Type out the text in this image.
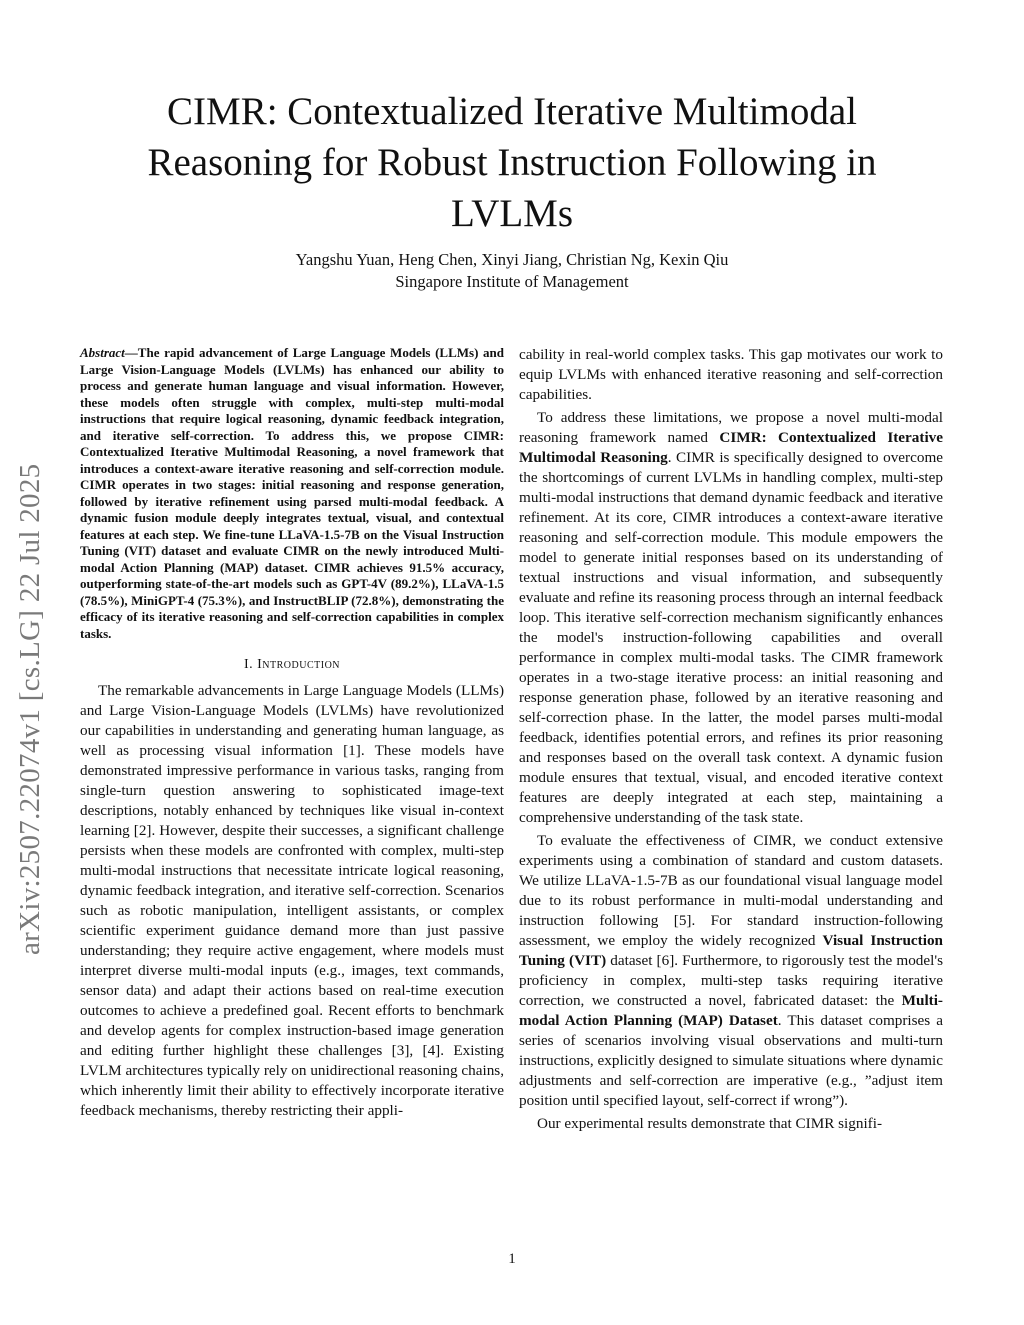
arXiv:2507.22074v1 [cs.LG] 22 Jul 2025
CIMR: Contextualized Iterative Multimodal
Reasoning for Robust Instruction Following in
LVLMs
Yangshu Yuan, Heng Chen, Xinyi Jiang, Christian Ng, Kexin Qiu
Singapore Institute of Management

Abstract—The rapid advancement of Large Language Models (LLMs) and Large Vision-Language Models (LVLMs) has enhanced our ability to process and generate human language and visual information. However, these models often struggle with complex, multi-step multi-modal instructions that require logical reasoning, dynamic feedback integration, and iterative self-correction. To address this, we propose CIMR: Contextualized Iterative Multimodal Reasoning, a novel framework that introduces a context-aware iterative reasoning and self-correction module. CIMR operates in two stages: initial reasoning and response generation, followed by iterative refinement using parsed multi-modal feedback. A dynamic fusion module deeply integrates textual, visual, and contextual features at each step. We fine-tune LLaVA-1.5-7B on the Visual Instruction Tuning (VIT) dataset and evaluate CIMR on the newly introduced Multi-modal Action Planning (MAP) dataset. CIMR achieves 91.5% accuracy, outperforming state-of-the-art models such as GPT-4V (89.2%), LLaVA-1.5 (78.5%), MiniGPT-4 (75.3%), and InstructBLIP (72.8%), demonstrating the efficacy of its iterative reasoning and self-correction capabilities in complex tasks.

I. Introduction

The remarkable advancements in Large Language Models (LLMs) and Large Vision-Language Models (LVLMs) have revolutionized our capabilities in understanding and generating human language, as well as processing visual information [1]. These models have demonstrated impressive performance in various tasks, ranging from single-turn question answering to sophisticated image-text descriptions, notably enhanced by techniques like visual in-context learning [2]. However, despite their successes, a significant challenge persists when these models are confronted with complex, multi-step multi-modal instructions that necessitate intricate logical reasoning, dynamic feedback integration, and iterative self-correction. Scenarios such as robotic manipulation, intelligent assistants, or complex scientific experiment guidance demand more than just passive understanding; they require active engagement, where models must interpret diverse multi-modal inputs (e.g., images, text commands, sensor data) and adapt their actions based on real-time execution outcomes to achieve a predefined goal. Recent efforts to benchmark and develop agents for complex instruction-based image generation and editing further highlight these challenges [3], [4]. Existing LVLM architectures typically rely on unidirectional reasoning chains, which inherently limit their ability to effectively incorporate iterative feedback mechanisms, thereby restricting their appli-

cability in real-world complex tasks. This gap motivates our work to equip LVLMs with enhanced iterative reasoning and self-correction capabilities.

To address these limitations, we propose a novel multi-modal reasoning framework named CIMR: Contextualized Iterative Multimodal Reasoning. CIMR is specifically designed to overcome the shortcomings of current LVLMs in handling complex, multi-step multi-modal instructions that demand dynamic feedback and iterative refinement. At its core, CIMR introduces a context-aware iterative reasoning and self-correction module. This module empowers the model to generate initial responses based on its understanding of textual instructions and visual information, and subsequently evaluate and refine its reasoning process through an internal feedback loop. This iterative self-correction mechanism significantly enhances the model's instruction-following capabilities and overall performance in complex multi-modal tasks. The CIMR framework operates in a two-stage iterative process: an initial reasoning and response generation phase, followed by an iterative reasoning and self-correction phase. In the latter, the model parses multi-modal feedback, identifies potential errors, and refines its prior reasoning and responses based on the overall task context. A dynamic fusion module ensures that textual, visual, and encoded iterative context features are deeply integrated at each step, maintaining a comprehensive understanding of the task state.

To evaluate the effectiveness of CIMR, we conduct extensive experiments using a combination of standard and custom datasets. We utilize LLaVA-1.5-7B as our foundational visual language model due to its robust performance in multi-modal understanding and instruction following [5]. For standard instruction-following assessment, we employ the widely recognized Visual Instruction Tuning (VIT) dataset [6]. Furthermore, to rigorously test the model's proficiency in complex, multi-step tasks requiring iterative correction, we constructed a novel, fabricated dataset: the Multi-modal Action Planning (MAP) Dataset. This dataset comprises a series of scenarios involving visual observations and multi-turn instructions, explicitly designed to simulate situations where dynamic adjustments and self-correction are imperative (e.g., ”adjust item position until specified layout, self-correct if wrong”).

Our experimental results demonstrate that CIMR signifi-

1
